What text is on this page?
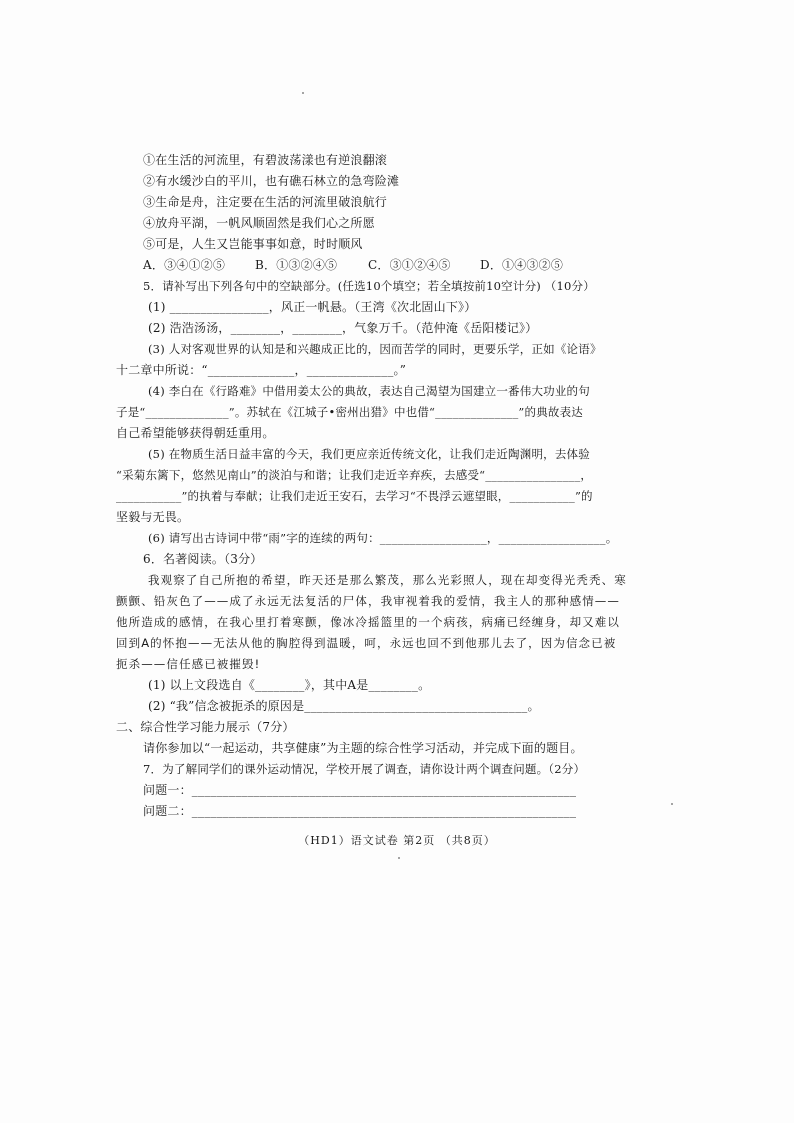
①在生活的河流里，有碧波荡漾也有逆浪翻滚
②有水缓沙白的平川，也有礁石林立的急弯险滩
③生命是舟，注定要在生活的河流里破浪航行
④放舟平湖，一帆风顺固然是我们心之所愿
⑤可是，人生又岂能事事如意，时时顺风
A．③④①②⑤ B．①③②④⑤	C．③①②④⑤ D．①④③②⑤
5．请补写出下列各句中的空缺部分。(任选10个填空；若全填按前10空计分) （10分）
(1) ________________，风正一帆悬。（王湾《次北固山下》）
(2) 浩浩汤汤，________，________，气象万千。（范仲淹《岳阳楼记》）
(3) 人对客观世界的认知是和兴趣成正比的，因而苦学的同时，更要乐学，正如《论语》
十二章中所说：“______________，______________。”
(4) 李白在《行路难》中借用姜太公的典故，表达自己渴望为国建立一番伟大功业的句
子是“______________”。苏轼在《江城子•密州出猎》中也借“______________”的典故表达
自己希望能够获得朝廷重用。
(5) 在物质生活日益丰富的今天，我们更应亲近传统文化，让我们走近陶渊明，去体验
“采菊东篱下，悠然见南山”的淡泊与和谐；让我们走近辛弃疾，去感受“________________，
___________”的执着与奉献；让我们走近王安石，去学习“不畏浮云遮望眼，___________”的
坚毅与无畏。
(6) 请写出古诗词中带“雨”字的连续的两句：__________________，__________________。
6．名著阅读。（3分）
我观察了自己所抱的希望，昨天还是那么繁茂，那么光彩照人，现在却变得光秃秃、寒
颤颤、铅灰色了——成了永远无法复活的尸体，我审视着我的爱情，我主人的那种感情——
他所造成的感情，在我心里打着寒颤，像冰冷摇篮里的一个病孩，病痛已经缠身，却又难以
回到A的怀抱——无法从他的胸腔得到温暖，呵，永远也回不到他那儿去了，因为信念已被
扼杀——信任感已被摧毁!
(1) 以上文段选自《________》，其中A是________。
(2) “我”信念被扼杀的原因是____________________________________。
二、综合性学习能力展示（7分）
请你参加以“一起运动，共享健康”为主题的综合性学习活动，并完成下面的题目。
7．为了解同学们的课外运动情况，学校开展了调查，请你设计两个调查问题。（2分）
问题一：______________________________________________________________
问题二：______________________________________________________________
（HD1）语文试卷 第2页 （共8页）
